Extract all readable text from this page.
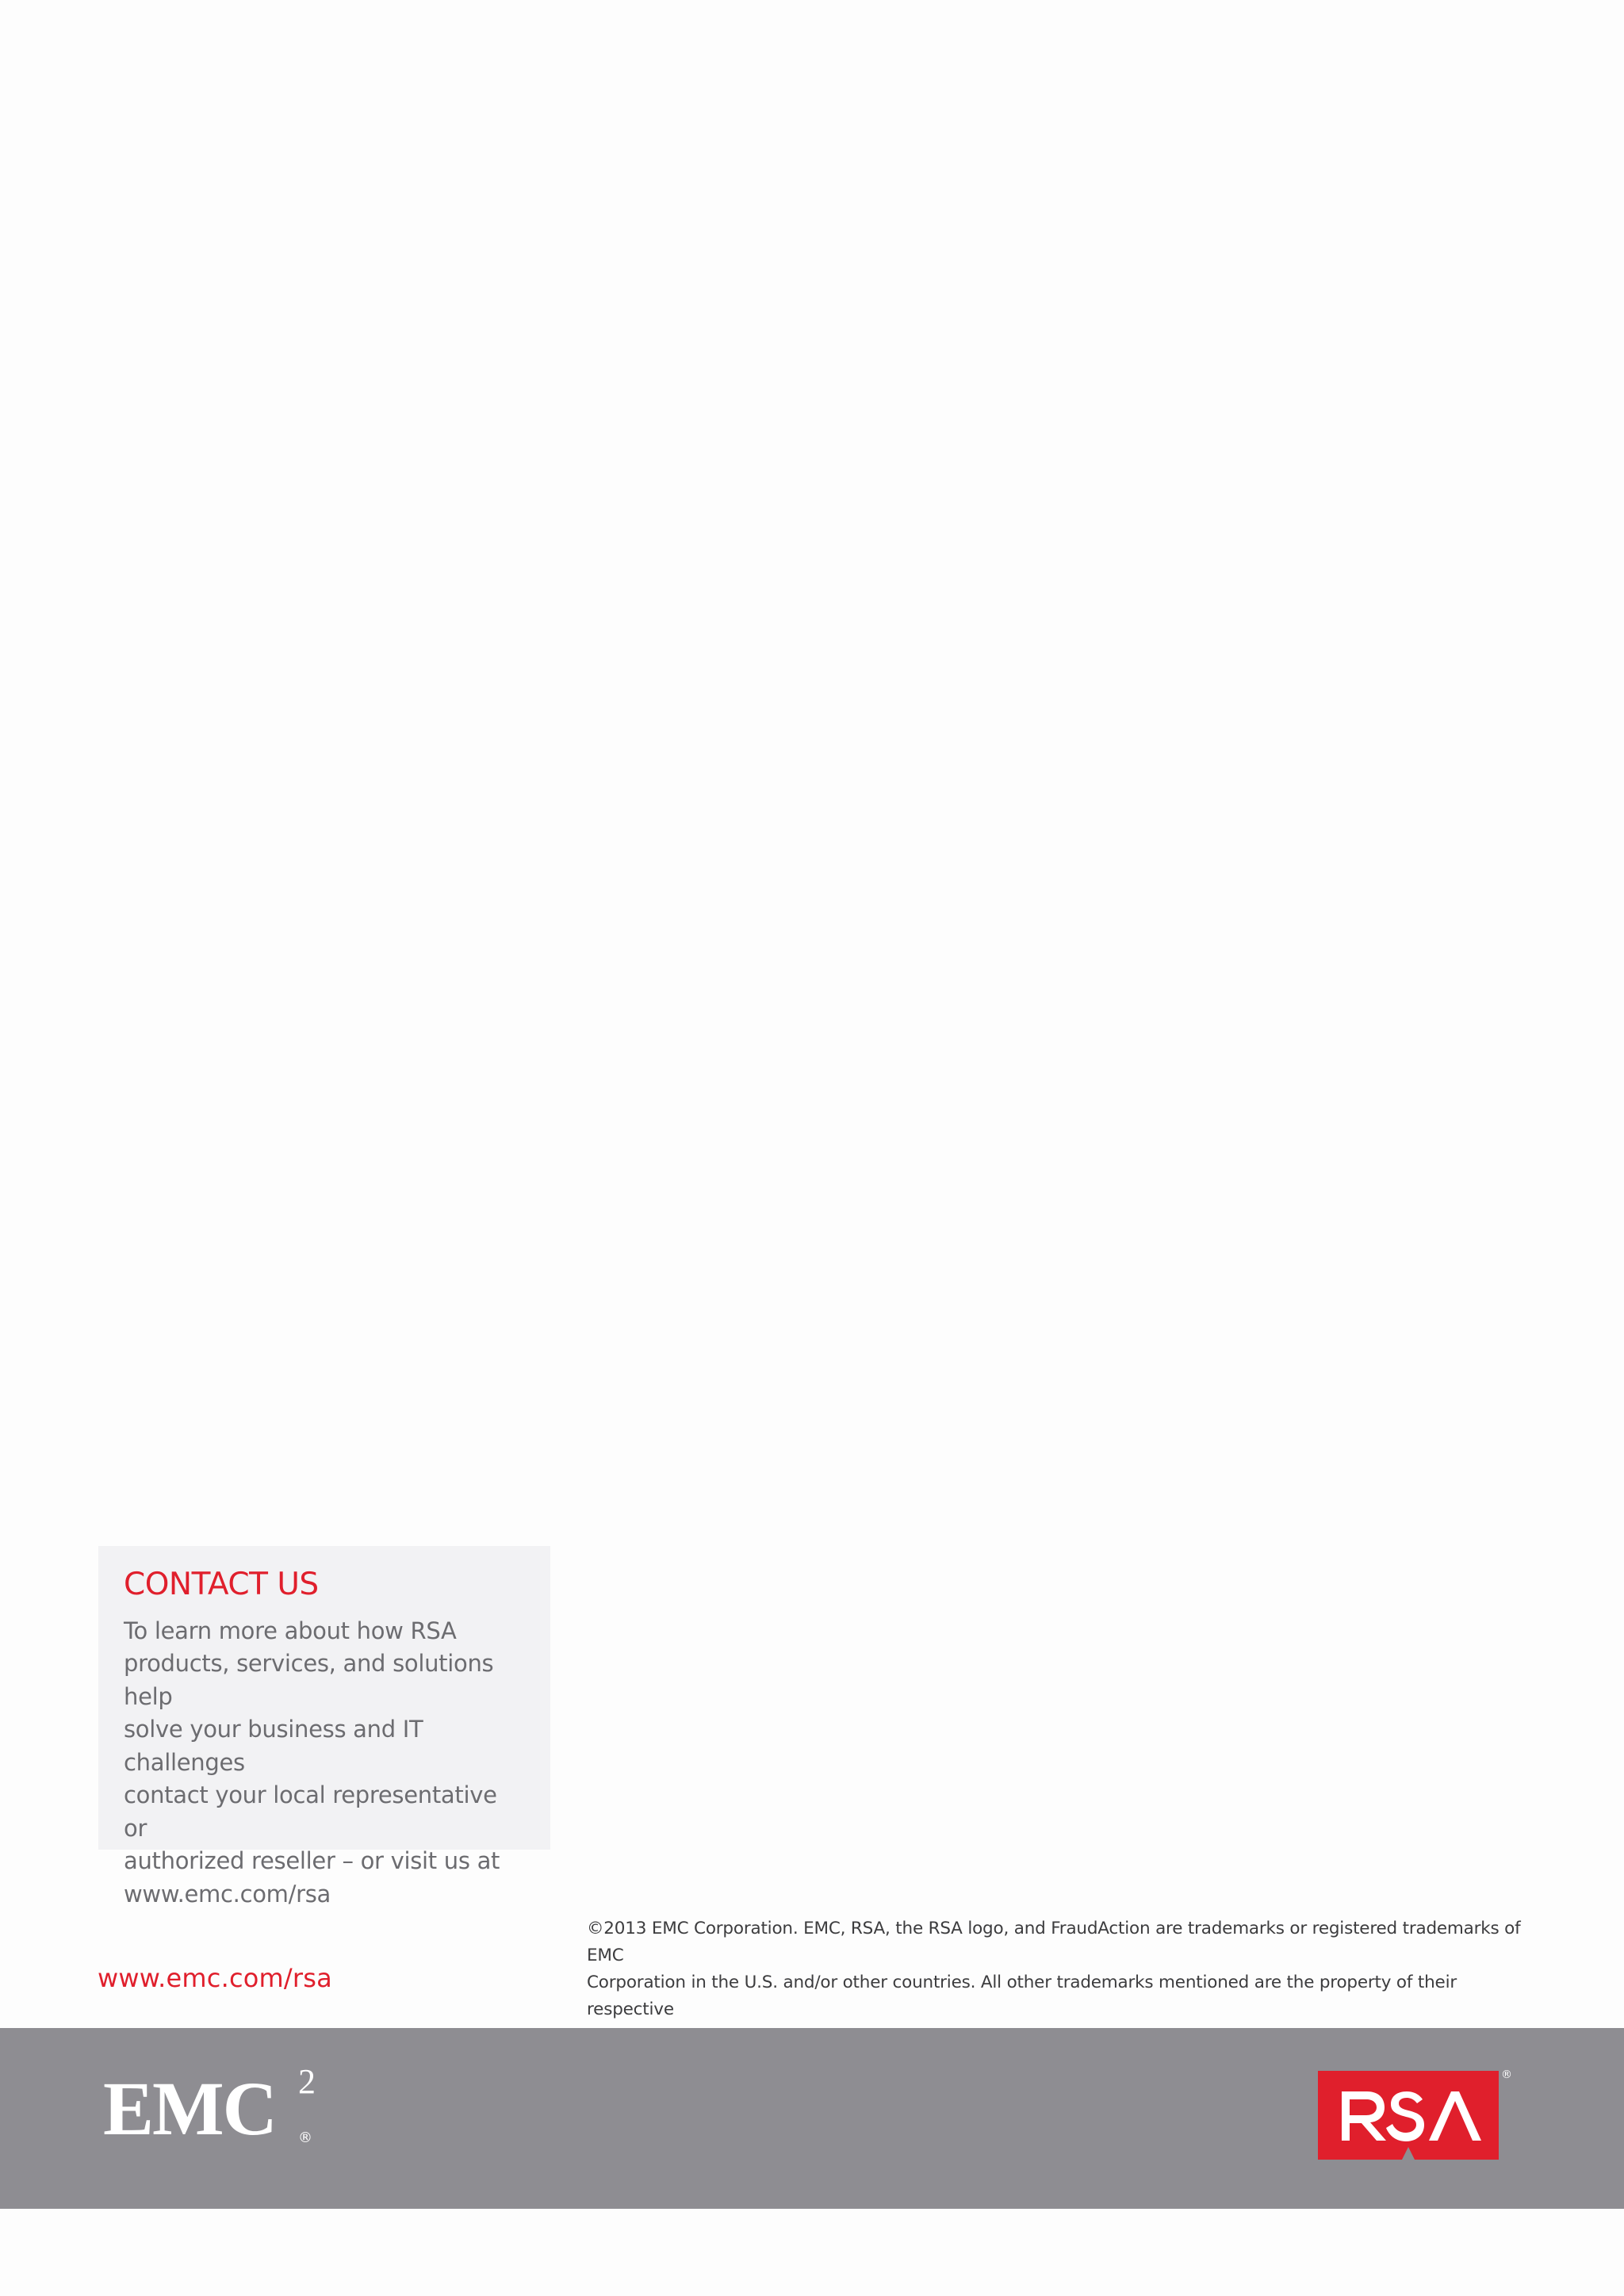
CONTACT US
To learn more about how RSA
products, services, and solutions help
solve your business and IT challenges
contact your local representative or
authorized reseller – or visit us at
www.emc.com/rsa
www.emc.com/rsa
©2013 EMC Corporation. EMC, RSA, the RSA logo, and FraudAction are trademarks or registered trademarks of EMC
Corporation in the U.S. and/or other countries. All other trademarks mentioned are the property of their respective

EMC 2
®
®
